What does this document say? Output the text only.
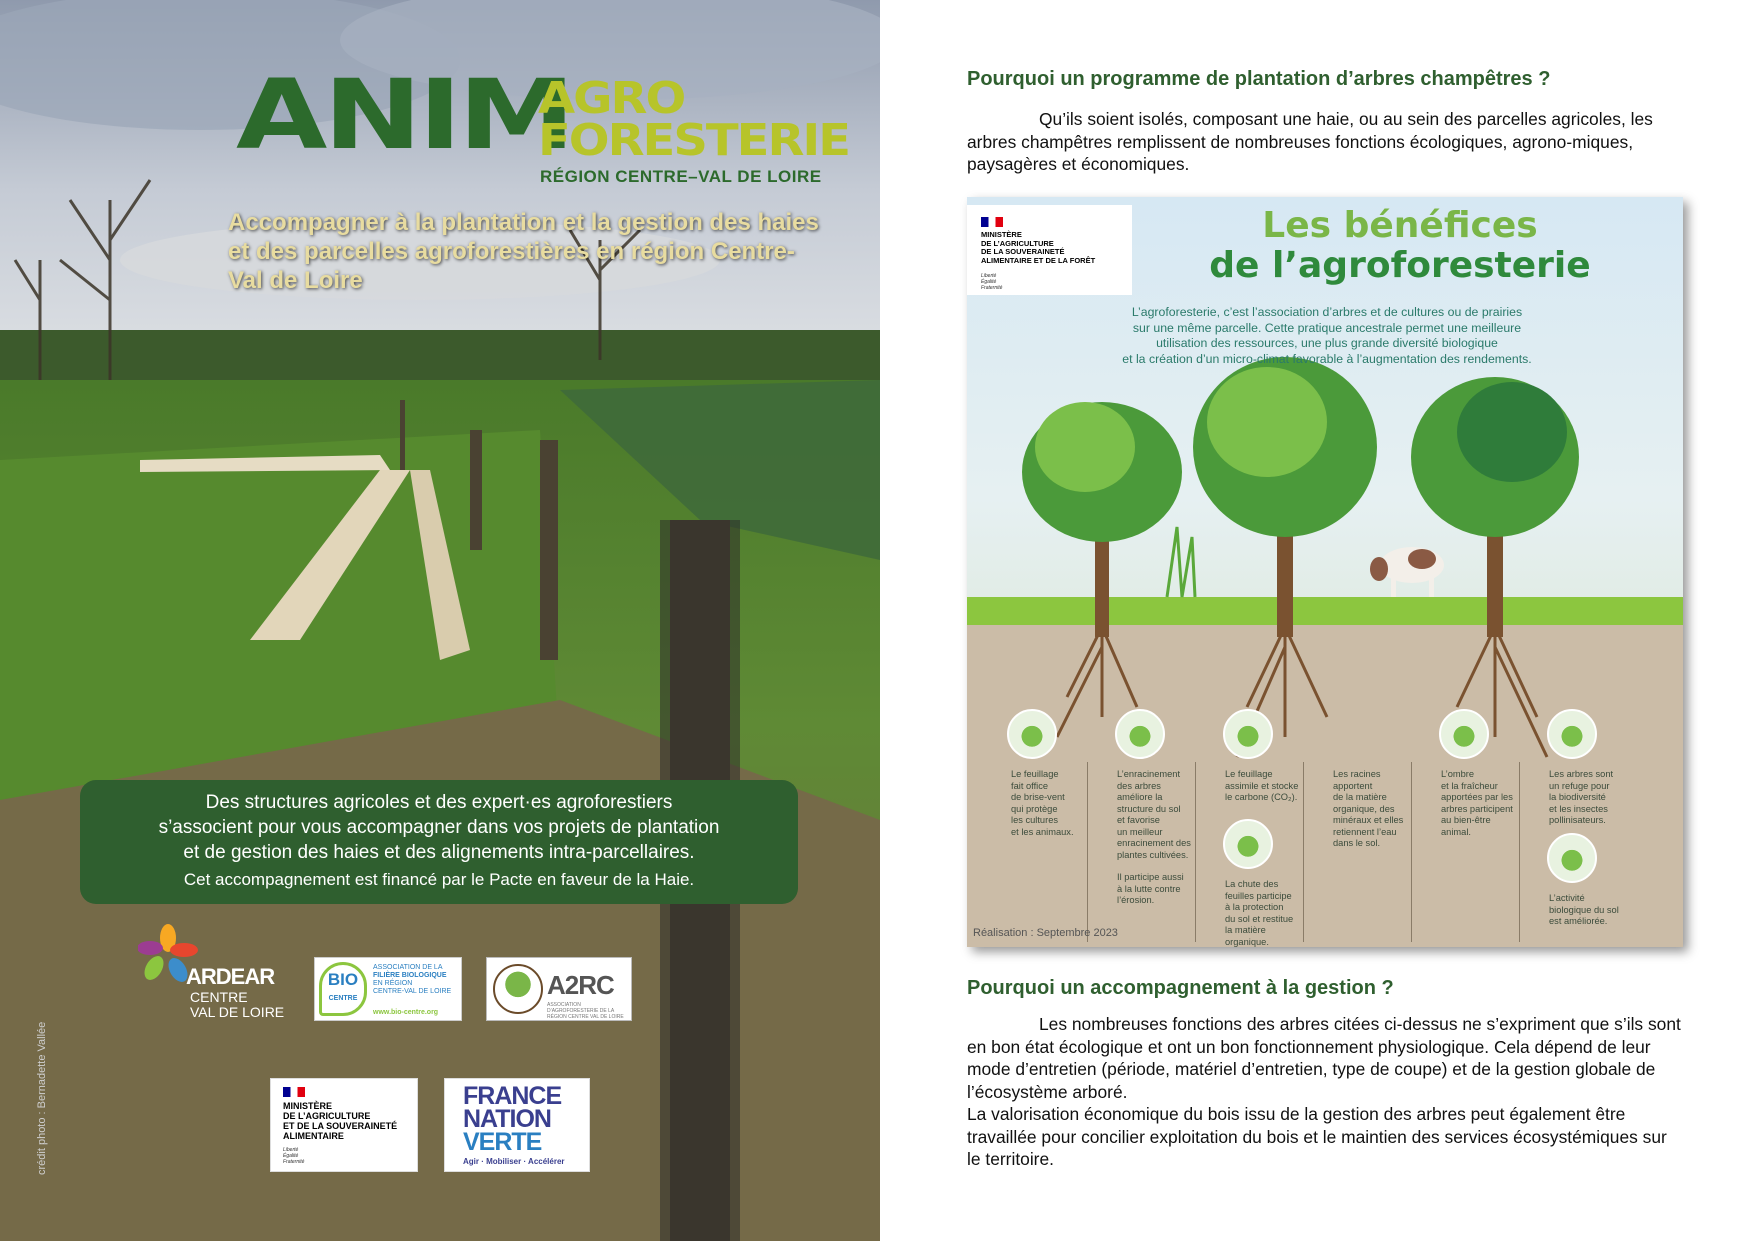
ANIM
AGRO
FORESTERIE
RÉGION CENTRE–VAL DE LOIRE
Accompagner à la plantation et la gestion des haies et des parcelles agroforestières en région Centre-Val de Loire
Des structures agricoles et des expert·es agroforestiers
s’associent pour vous accompagner dans vos projets de plantation
et de gestion des haies et des alignements intra-parcellaires.
Cet accompagnement est financé par le Pacte en faveur de la Haie.
ARDEAR
CENTRE
VAL DE LOIRE
BIO
CENTRE
ASSOCIATION DE LA
FILIÈRE BIOLOGIQUE
EN RÉGION
CENTRE-VAL DE LOIRE
www.bio-centre.org
A2RC
ASSOCIATION D’AGROFORESTERIE DE LA RÉGION CENTRE VAL DE LOIRE
MINISTÈRE
DE L’AGRICULTURE
ET DE LA SOUVERAINETÉ
ALIMENTAIRE
Liberté
Égalité
Fraternité
FRANCE
NATION
VERTE
Agir · Mobiliser · Accélérer
crédit photo : Bernadette Vallée
Pourquoi un programme de plantation d’arbres champêtres ?
Qu’ils soient isolés, composant une haie, ou au sein des parcelles agricoles, les arbres champêtres remplissent de nombreuses fonctions écologiques, agrono-miques, paysagères et économiques.
MINISTÈRE
DE L’AGRICULTURE
DE LA SOUVERAINETÉ
ALIMENTAIRE ET DE LA FORÊT
Liberté
Égalité
Fraternité
Les bénéfices
de l’agroforesterie
L’agroforesterie, c’est l’association d’arbres et de cultures ou de prairies
sur une même parcelle. Cette pratique ancestrale permet une meilleure
utilisation des ressources, une plus grande diversité biologique
et la création d’un micro-climat favorable à l’augmentation des rendements.
Le feuillage
fait office
de brise-vent
qui protège
les cultures
et les animaux.
L’enracinement
des arbres
améliore la
structure du sol
et favorise
un meilleur
enracinement des
plantes cultivées.
Il participe aussi
à la lutte contre
l’érosion.
Le feuillage
assimile et stocke
le carbone (CO₂).
La chute des
feuilles participe
à la protection
du sol et restitue
la matière
organique.
Les racines
apportent
de la matière
organique, des
minéraux et elles
retiennent l’eau
dans le sol.
L’ombre
et la fraîcheur
apportées par les
arbres participent
au bien-être
animal.
Les arbres sont
un refuge pour
la biodiversité
et les insectes
pollinisateurs.
L’activité
biologique du sol
est améliorée.
Réalisation : Septembre 2023
Pourquoi un accompagnement à la gestion ?
Les nombreuses fonctions des arbres citées ci-dessus ne s’expriment que s’ils sont en bon état écologique et ont un bon fonctionnement physiologique. Cela dépend de leur mode d’entretien (période, matériel d’entretien, type de coupe) et de la gestion globale de l’écosystème arboré.
La valorisation économique du bois issu de la gestion des arbres peut également être travaillée pour concilier exploitation du bois et le maintien des services écosystémiques sur le territoire.
